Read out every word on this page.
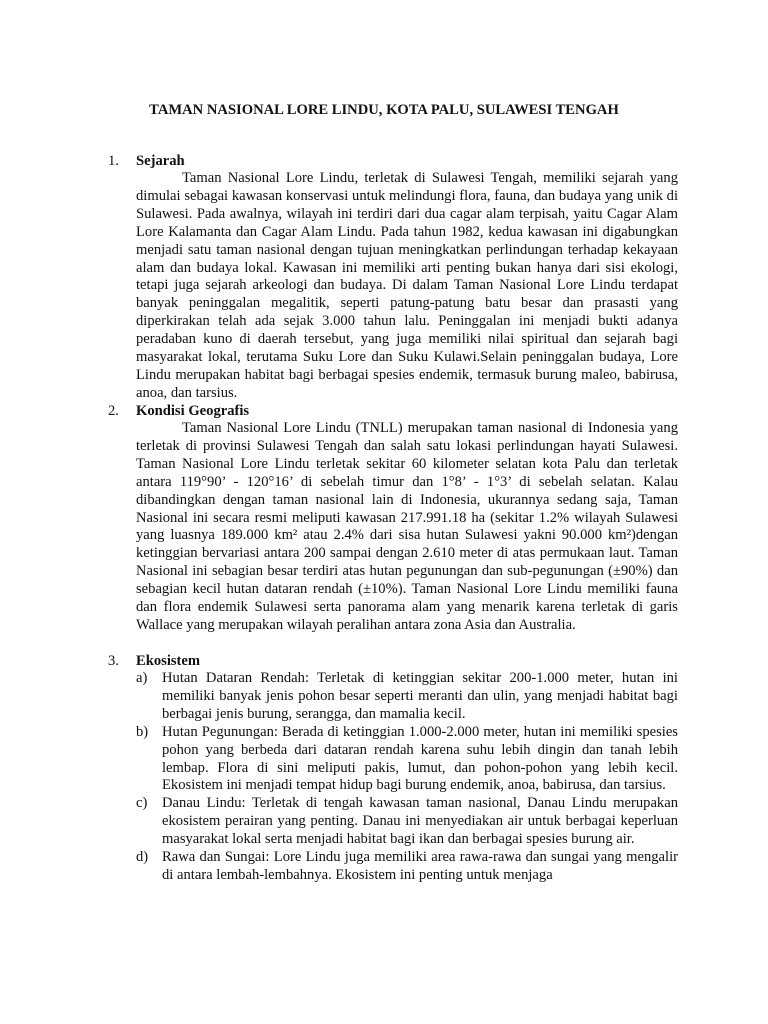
TAMAN NASIONAL LORE LINDU, KOTA PALU, SULAWESI TENGAH
1. Sejarah

Taman Nasional Lore Lindu, terletak di Sulawesi Tengah, memiliki sejarah yang dimulai sebagai kawasan konservasi untuk melindungi flora, fauna, dan budaya yang unik di Sulawesi. Pada awalnya, wilayah ini terdiri dari dua cagar alam terpisah, yaitu Cagar Alam Lore Kalamanta dan Cagar Alam Lindu. Pada tahun 1982, kedua kawasan ini digabungkan menjadi satu taman nasional dengan tujuan meningkatkan perlindungan terhadap kekayaan alam dan budaya lokal. Kawasan ini memiliki arti penting bukan hanya dari sisi ekologi, tetapi juga sejarah arkeologi dan budaya. Di dalam Taman Nasional Lore Lindu terdapat banyak peninggalan megalitik, seperti patung-patung batu besar dan prasasti yang diperkirakan telah ada sejak 3.000 tahun lalu. Peninggalan ini menjadi bukti adanya peradaban kuno di daerah tersebut, yang juga memiliki nilai spiritual dan sejarah bagi masyarakat lokal, terutama Suku Lore dan Suku Kulawi.Selain peninggalan budaya, Lore Lindu merupakan habitat bagi berbagai spesies endemik, termasuk burung maleo, babirusa, anoa, dan tarsius.

2. Kondisi Geografis

Taman Nasional Lore Lindu (TNLL) merupakan taman nasional di Indonesia yang terletak di provinsi Sulawesi Tengah dan salah satu lokasi perlindungan hayati Sulawesi. Taman Nasional Lore Lindu terletak sekitar 60 kilometer selatan kota Palu dan terletak antara 119°90’ - 120°16’ di sebelah timur dan 1°8’ - 1°3’ di sebelah selatan. Kalau dibandingkan dengan taman nasional lain di Indonesia, ukurannya sedang saja, Taman Nasional ini secara resmi meliputi kawasan 217.991.18 ha (sekitar 1.2% wilayah Sulawesi yang luasnya 189.000 km² atau 2.4% dari sisa hutan Sulawesi yakni 90.000 km²)dengan ketinggian bervariasi antara 200 sampai dengan 2.610 meter di atas permukaan laut. Taman Nasional ini sebagian besar terdiri atas hutan pegunungan dan sub-pegunungan (±90%) dan sebagian kecil hutan dataran rendah (±10%). Taman Nasional Lore Lindu memiliki fauna dan flora endemik Sulawesi serta panorama alam yang menarik karena terletak di garis Wallace yang merupakan wilayah peralihan antara zona Asia dan Australia.

3. Ekosistem
a) Hutan Dataran Rendah: Terletak di ketinggian sekitar 200-1.000 meter, hutan ini memiliki banyak jenis pohon besar seperti meranti dan ulin, yang menjadi habitat bagi berbagai jenis burung, serangga, dan mamalia kecil.
b) Hutan Pegunungan: Berada di ketinggian 1.000-2.000 meter, hutan ini memiliki spesies pohon yang berbeda dari dataran rendah karena suhu lebih dingin dan tanah lebih lembap. Flora di sini meliputi pakis, lumut, dan pohon-pohon yang lebih kecil. Ekosistem ini menjadi tempat hidup bagi burung endemik, anoa, babirusa, dan tarsius.
c) Danau Lindu: Terletak di tengah kawasan taman nasional, Danau Lindu merupakan ekosistem perairan yang penting. Danau ini menyediakan air untuk berbagai keperluan masyarakat lokal serta menjadi habitat bagi ikan dan berbagai spesies burung air.
d) Rawa dan Sungai: Lore Lindu juga memiliki area rawa-rawa dan sungai yang mengalir di antara lembah-lembahnya. Ekosistem ini penting untuk menjaga
